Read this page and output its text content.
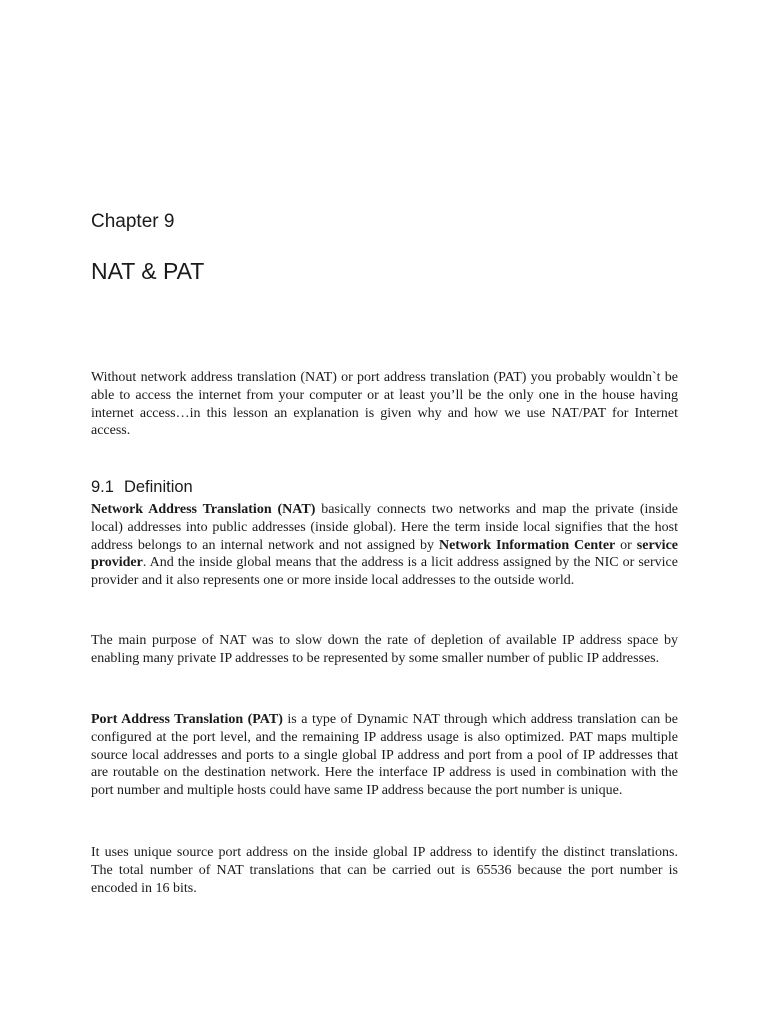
Chapter 9
NAT & PAT

Without network address translation (NAT) or port address translation (PAT) you probably wouldn`t be able to access the internet from your computer or at least you’ll be the only one in the house having internet access…in this lesson an explanation is given why and how we use NAT/PAT for Internet access.

9.1 Definition

Network Address Translation (NAT) basically connects two networks and map the private (inside local) addresses into public addresses (inside global). Here the term inside local signifies that the host address belongs to an internal network and not assigned by Network Information Center or service provider. And the inside global means that the address is a licit address assigned by the NIC or service provider and it also represents one or more inside local addresses to the outside world.

The main purpose of NAT was to slow down the rate of depletion of available IP address space by enabling many private IP addresses to be represented by some smaller number of public IP addresses.

Port Address Translation (PAT) is a type of Dynamic NAT through which address translation can be configured at the port level, and the remaining IP address usage is also optimized. PAT maps multiple source local addresses and ports to a single global IP address and port from a pool of IP addresses that are routable on the destination network. Here the interface IP address is used in combination with the port number and multiple hosts could have same IP address because the port number is unique.

It uses unique source port address on the inside global IP address to identify the distinct translations. The total number of NAT translations that can be carried out is 65536 because the port number is encoded in 16 bits.
